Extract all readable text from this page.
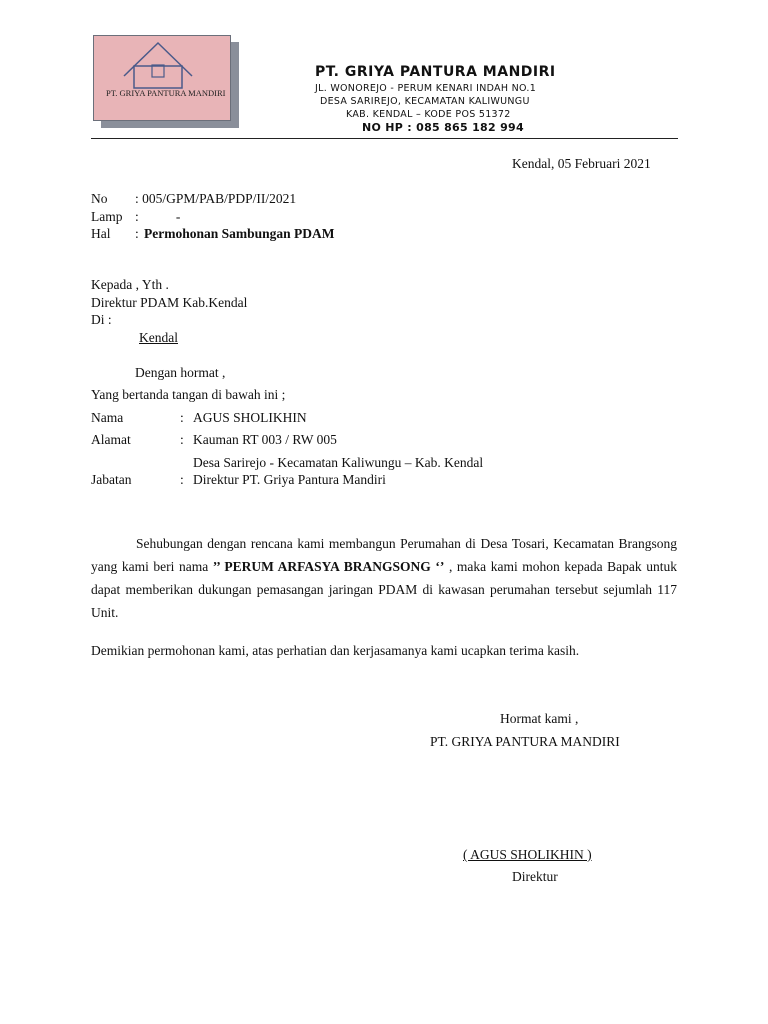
PT. GRIYA PANTURA MANDIRI
PT. GRIYA PANTURA MANDIRI
JL. WONOREJO - PERUM KENARI INDAH NO.1
DESA SARIREJO, KECAMATAN KALIWUNGU
KAB. KENDAL – KODE POS 51372
NO HP : 085 865 182 994
Kendal, 05 Februari 2021
No : 005/GPM/PAB/PDP/II/2021
Lamp :           -
Hal : Permohonan Sambungan PDAM
Kepada , Yth .
Direktur PDAM Kab.Kendal
Di :
Kendal
Dengan hormat ,
Yang bertanda tangan di bawah ini ;
Nama	: AGUS SHOLIKHIN
Alamat	: Kauman RT 003 / RW 005
Desa Sarirejo - Kecamatan Kaliwungu – Kab. Kendal
Jabatan	: Direktur PT. Griya Pantura Mandiri
Sehubungan dengan rencana kami membangun Perumahan di Desa Tosari, Kecamatan Brangsong yang kami beri nama ’’ PERUM ARFASYA BRANGSONG ‘’ , maka kami mohon kepada Bapak untuk dapat memberikan dukungan pemasangan jaringan PDAM di kawasan perumahan tersebut sejumlah 117 Unit.
Demikian permohonan kami, atas perhatian dan kerjasamanya kami ucapkan terima kasih.
Hormat kami ,
PT. GRIYA PANTURA MANDIRI
( AGUS SHOLIKHIN )
Direktur
